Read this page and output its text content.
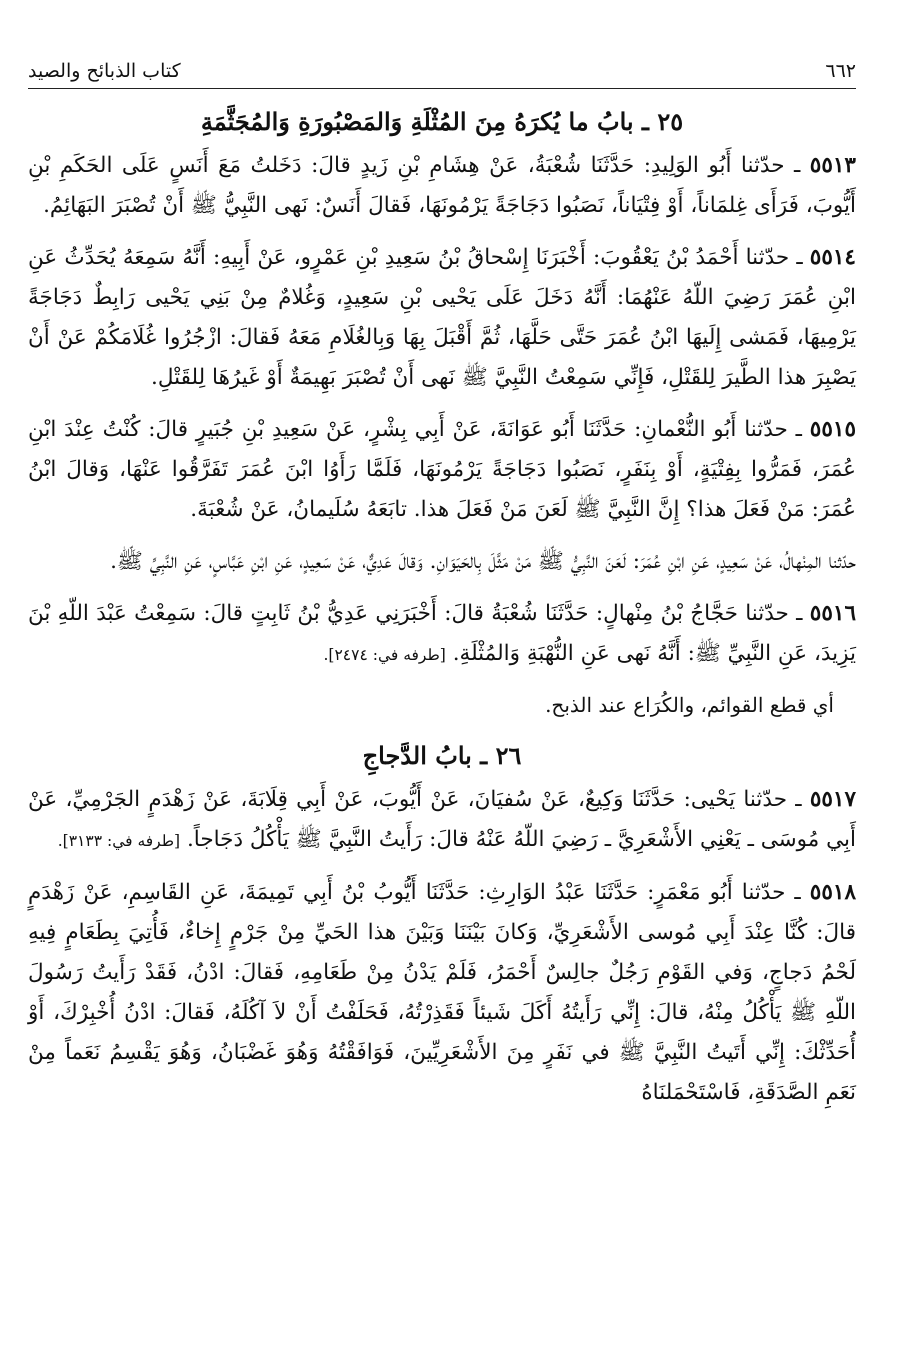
٦٦٢
كتاب الذبائح والصيد
٢٥ ـ بابُ ما يُكرَهُ مِنَ المُثْلَةِ وَالمَصْبُورَةِ وَالمُجَثَّمَةِ

٥٥١٣ ـ حدّثنا أَبُو الوَلِيدِ: حَدَّثَنَا شُعْبَةُ، عَنْ هِشَامِ بْنِ زَيدٍ قالَ: دَخَلتُ مَعَ أَنَسٍ عَلَى الحَكَمِ بْنِ أَيُّوبَ، فَرَأَى غِلمَاناً، أَوْ فِتْيَاناً، نَصَبُوا دَجَاجَةً يَرْمُونَهَا، فَقالَ أَنَسٌ: نَهى النَّبِيُّ ﷺ أَنْ تُصْبَرَ البَهَائِمُ.

٥٥١٤ ـ حدّثنا أَحْمَدُ بْنُ يَعْقُوبَ: أَخْبَرَنَا إِسْحاقُ بْنُ سَعِيدِ بْنِ عَمْرٍو، عَنْ أَبِيهِ: أَنَّهُ سَمِعَهُ يُحَدِّثُ عَنِ ابْنِ عُمَرَ رَضِيَ اللّهُ عَنْهُمَا: أَنَّهُ دَخَلَ عَلَى يَحْيى بْنِ سَعِيدٍ، وَغُلامٌ مِنْ بَنِي يَحْيى رَابِطٌ دَجَاجَةً يَرْمِيهَا، فَمَشى إِلَيهَا ابْنُ عُمَرَ حَتَّى حَلَّهَا، ثُمَّ أَقْبَلَ بِهَا وَبِالغُلَامِ مَعَهُ فَقالَ: ازْجُرُوا غُلَامَكُمْ عَنْ أَنْ يَصْبِرَ هذا الطَّيرَ لِلقَتْلِ، فَإِنِّي سَمِعْتُ النَّبِيَّ ﷺ نَهى أَنْ تُصْبَرَ بَهِيمَةٌ أَوْ غَيرُهَا لِلقَتْلِ.

٥٥١٥ ـ حدّثنا أَبُو النُّعْمانِ: حَدَّثَنَا أَبُو عَوَانَةَ، عَنْ أَبِي بِشْرٍ، عَنْ سَعِيدِ بْنِ جُبَيرٍ قالَ: كُنْتُ عِنْدَ ابْنِ عُمَرَ، فَمَرُّوا بِفِتْيَةٍ، أَوْ بِنَفَرٍ، نَصَبُوا دَجَاجَةً يَرْمُونَهَا، فَلَمَّا رَأَوُا ابْنَ عُمَرَ تَفَرَّقُوا عَنْهَا، وَقالَ ابْنُ عُمَرَ: مَنْ فَعَلَ هذا؟ إِنَّ النَّبِيَّ ﷺ لَعَنَ مَنْ فَعَلَ هذا. تابَعَهُ سُلَيمانُ، عَنْ شُعْبَةَ.

حدّثنا المِنْهالُ، عَنْ سَعِيدٍ، عَنِ ابْنِ عُمَرَ: لَعَنَ النَّبِيُّ ﷺ مَنْ مَثَّلَ بِالحَيَوَانِ. وَقالَ عَدِيٌّ، عَنْ سَعِيدٍ، عَنِ ابْنِ عَبَّاسٍ، عَنِ النَّبِيِّ ﷺ.

٥٥١٦ ـ حدّثنا حَجَّاجُ بْنُ مِنْهالٍ: حَدَّثَنَا شُعْبَةُ قالَ: أَخْبَرَنِي عَدِيُّ بْنُ ثَابِتٍ قالَ: سَمِعْتُ عَبْدَ اللّهِ بْنَ يَزِيدَ، عَنِ النَّبِيِّ ﷺ: أَنَّهُ نَهى عَنِ النُّهْبَةِ وَالمُثْلَةِ. [طرفه في: ٢٤٧٤].

أي قطع القوائم، والكُرَاع عند الذبح.

٢٦ ـ بابُ الدَّجاجِ

٥٥١٧ ـ حدّثنا يَحْيى: حَدَّثَنَا وَكِيعٌ، عَنْ سُفيَانَ، عَنْ أَيُّوبَ، عَنْ أَبِي قِلَابَةَ، عَنْ زَهْدَمٍ الجَرْمِيِّ، عَنْ أَبِي مُوسَى ـ يَعْنِي الأَشْعَرِيَّ ـ رَضِيَ اللّهُ عَنْهُ قالَ: رَأَيتُ النَّبِيَّ ﷺ يَأْكُلُ دَجَاجاً. [طرفه في: ٣١٣٣].

٥٥١٨ ـ حدّثنا أَبُو مَعْمَرٍ: حَدَّثَنَا عَبْدُ الوَارِثِ: حَدَّثَنَا أَيُّوبُ بْنُ أَبِي تَمِيمَةَ، عَنِ القَاسِمِ، عَنْ زَهْدَمٍ قالَ: كُنَّا عِنْدَ أَبِي مُوسى الأَشْعَرِيِّ، وَكانَ بَيْنَنَا وَبَيْنَ هذا الحَيِّ مِنْ جَرْمٍ إِخاءٌ، فَأُتِيَ بِطَعَامٍ فِيهِ لَحْمُ دَجاجٍ، وَفي القَوْمِ رَجُلٌ جالِسٌ أَحْمَرُ، فَلَمْ يَدْنُ مِنْ طَعَامِهِ، فَقالَ: ادْنُ، فَقَدْ رَأَيتُ رَسُولَ اللّهِ ﷺ يَأْكُلُ مِنْهُ، قالَ: إِنِّي رَأَيتُهُ أَكَلَ شَيئاً فَقَذِرْتُهُ، فَحَلَفْتُ أَنْ لاَ آكُلَهُ، فَقالَ: ادْنُ أُخْبِرْكَ، أَوْ أُحَدِّثْكَ: إِنِّي أَتَيتُ النَّبِيَّ ﷺ في نَفَرٍ مِنَ الأَشْعَرِيِّينَ، فَوَافَقْتُهُ وَهُوَ غَضْبَانُ، وَهُوَ يَقْسِمُ نَعَماً مِنْ نَعَمِ الصَّدَقَةِ، فَاسْتَحْمَلنَاهُ
